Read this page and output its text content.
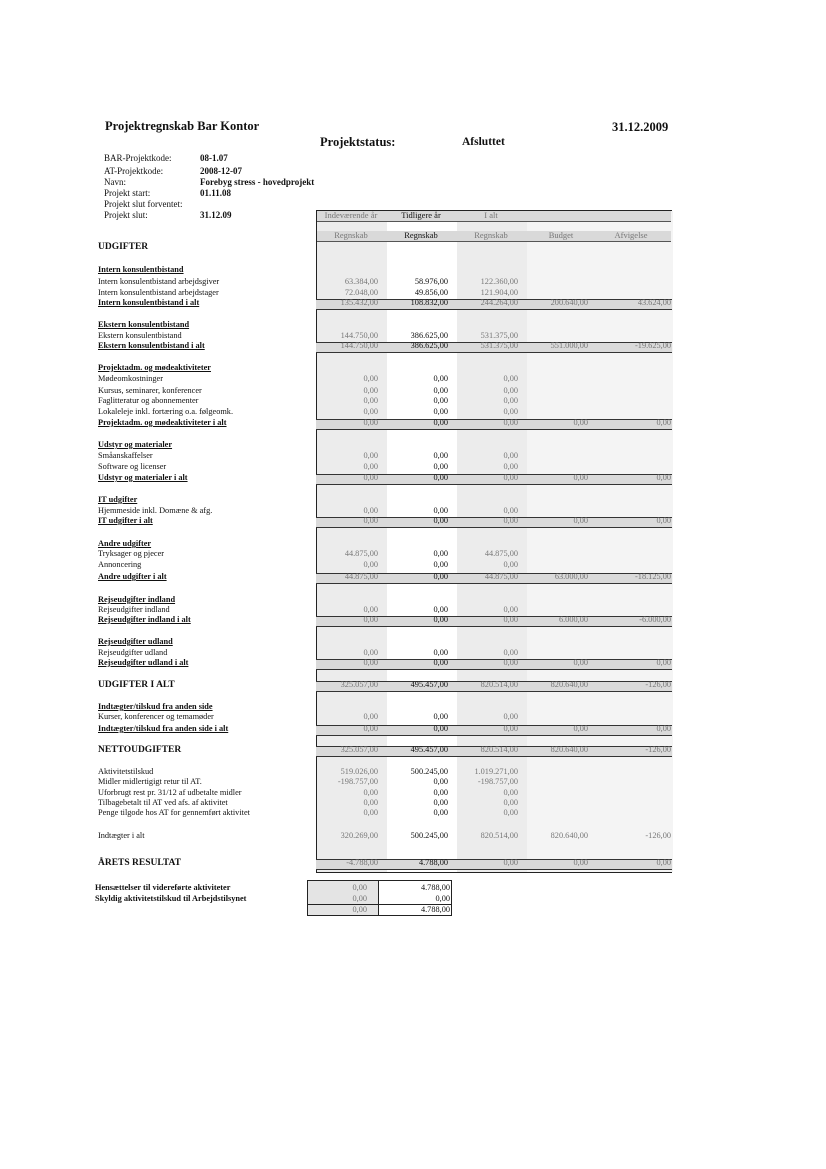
Projektregnskab Bar Kontor	31.12.2009
Projektstatus:	Afsluttet
BAR-Projektkode:	08-1.07
AT-Projektkode:	2008-12-07
Navn:	Forebyg stress - hovedprojekt
Projekt start:	01.11.08
Projekt slut forventet:
Projekt slut:	31.12.09	Indeværende år	Tidligere år	I alt
Regnskab	Regnskab	Regnskab	Budget	Afvigelse
UDGIFTER
Intern konsulentbistand
Intern konsulentbistand arbejdsgiver	63.384,00	58.976,00	122.360,00
Intern konsulentbistand arbejdstager	72.048,00	49.856,00	121.904,00
Intern konsulentbistand i alt	135.432,00	108.832,00	244.264,00	200.640,00	43.624,00
Ekstern konsulentbistand
Ekstern konsulentbistand	144.750,00	386.625,00	531.375,00
Ekstern konsulentbistand i alt	144.750,00	386.625,00	531.375,00	551.000,00	-19.625,00
Projektadm. og mødeaktiviteter
Mødeomkostninger	0,00	0,00	0,00
Kursus, seminarer, konferencer	0,00	0,00	0,00
Faglitteratur og abonnementer	0,00	0,00	0,00
Lokaleleje inkl. fortæring o.a. følgeomk.	0,00	0,00	0,00
Projektadm. og mødeaktiviteter i alt	0,00	0,00	0,00	0,00	0,00
Udstyr og materialer
Småanskaffelser	0,00	0,00	0,00
Software og licenser	0,00	0,00	0,00
Udstyr og materialer i alt	0,00	0,00	0,00	0,00	0,00
IT udgifter
Hjemmeside inkl. Domæne & afg.	0,00	0,00	0,00
IT udgifter i alt	0,00	0,00	0,00	0,00	0,00
Andre udgifter
Tryksager og pjecer	44.875,00	0,00	44.875,00
Annoncering	0,00	0,00	0,00
Andre udgifter i alt	44.875,00	0,00	44.875,00	63.000,00	-18.125,00
Rejseudgifter indland
Rejseudgifter indland	0,00	0,00	0,00
Rejseudgifter indland i alt	0,00	0,00	0,00	6.000,00	-6.000,00
Rejseudgifter udland
Rejseudgifter udland	0,00	0,00	0,00
Rejseudgifter udland i alt	0,00	0,00	0,00	0,00	0,00
UDGIFTER I ALT	325.057,00	495.457,00	820.514,00	820.640,00	-126,00
Indtægter/tilskud fra anden side
Kurser, konferencer og temamøder	0,00	0,00	0,00
Indtægter/tilskud fra anden side i alt	0,00	0,00	0,00	0,00	0,00
NETTOUDGIFTER	325.057,00	495.457,00	820.514,00	820.640,00	-126,00
Aktivitetstilskud	519.026,00	500.245,00	1.019.271,00
Midler midlertigigt retur til AT.	-198.757,00	0,00	-198.757,00
Uforbrugt rest pr. 31/12 af udbetalte midler	0,00	0,00	0,00
Tilbagebetalt til AT ved afs. af aktivitet	0,00	0,00	0,00
Penge tilgode hos AT for gennemført aktivitet	0,00	0,00	0,00
Indtægter i alt	320.269,00	500.245,00	820.514,00	820.640,00	-126,00
ÅRETS RESULTAT	-4.788,00	4.788,00	0,00	0,00	0,00
Hensættelser til videreførte aktiviteter	0,00	4.788,00
Skyldig aktivitetstilskud til Arbejdstilsynet	0,00	0,00
0,00	4.788,00
